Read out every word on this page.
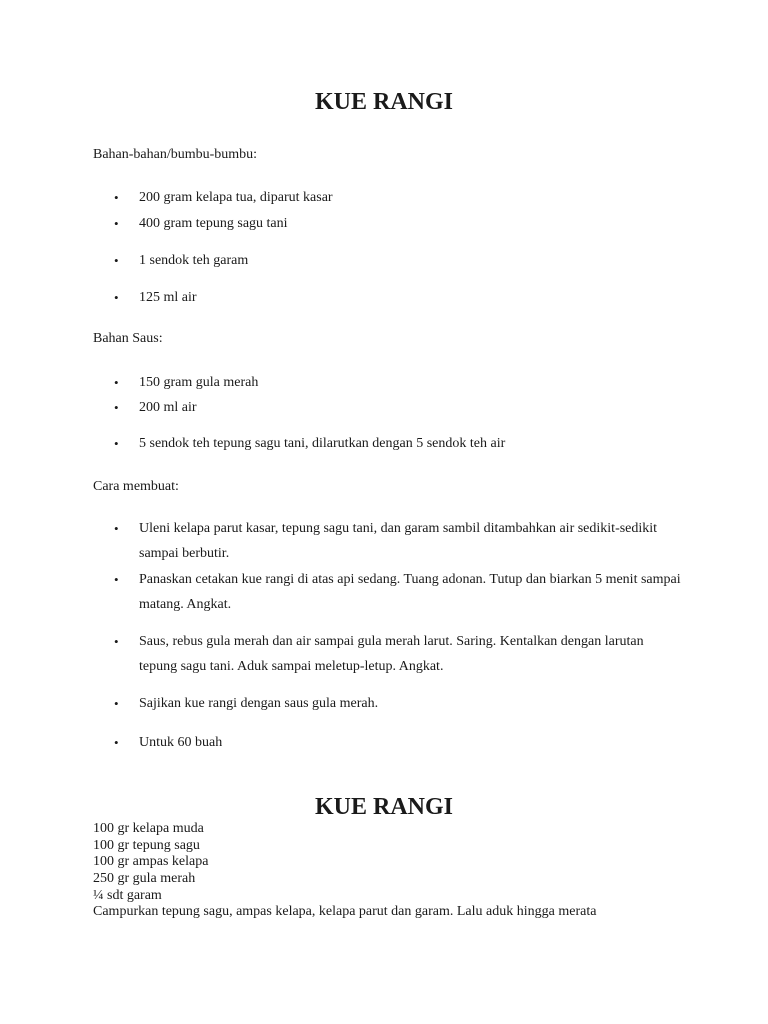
KUE RANGI

Bahan-bahan/bumbu-bumbu:

• 200 gram kelapa tua, diparut kasar
• 400 gram tepung sagu tani
• 1 sendok teh garam
• 125 ml air

Bahan Saus:

• 150 gram gula merah
• 200 ml air
• 5 sendok teh tepung sagu tani, dilarutkan dengan 5 sendok teh air

Cara membuat:

• Uleni kelapa parut kasar, tepung sagu tani, dan garam sambil ditambahkan air sedikit-sedikit sampai berbutir.
• Panaskan cetakan kue rangi di atas api sedang. Tuang adonan. Tutup dan biarkan 5 menit sampai matang. Angkat.
• Saus, rebus gula merah dan air sampai gula merah larut. Saring. Kentalkan dengan larutan tepung sagu tani. Aduk sampai meletup-letup. Angkat.
• Sajikan kue rangi dengan saus gula merah.
• Untuk 60 buah
KUE RANGI

100 gr kelapa muda

100 gr tepung sagu

100 gr ampas kelapa

250 gr gula merah

¼ sdt garam

Campurkan tepung sagu, ampas kelapa, kelapa parut dan garam. Lalu aduk hingga merata
